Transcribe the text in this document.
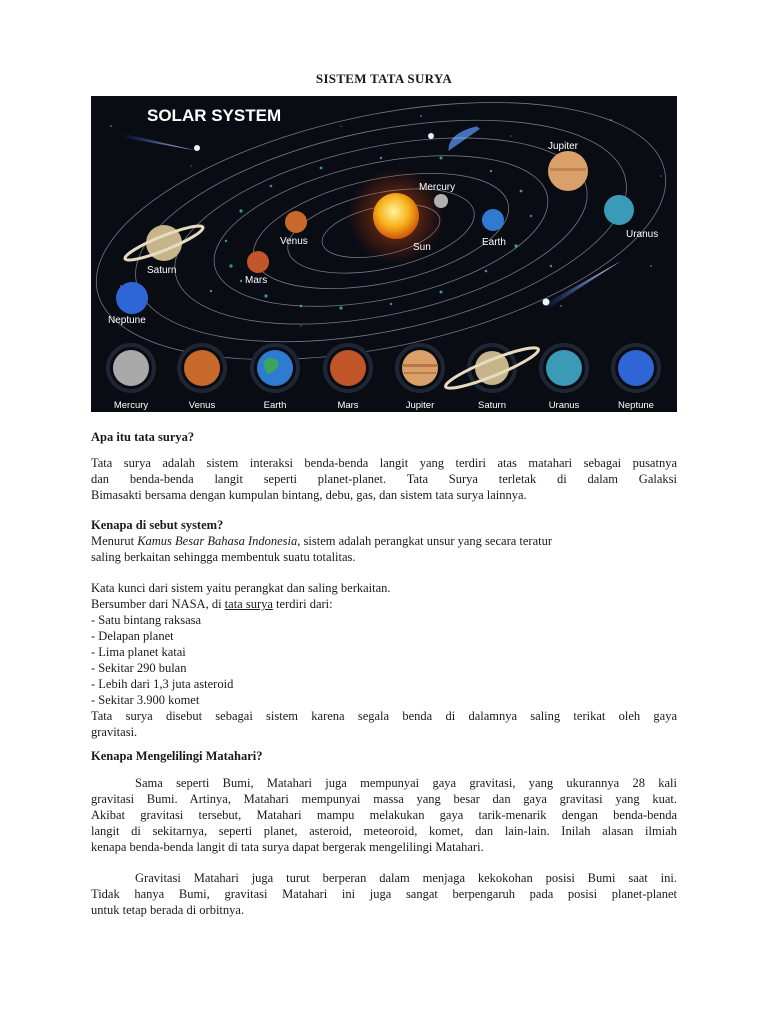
SISTEM TATA SURYA
SOLAR SYSTEM
Mercury
Venus
Sun	Earth
Mars
Jupiter
Saturn
Uranus
Neptune
Mercury	Venus	Earth	Mars	Jupiter	Saturn	Uranus	Neptune
Apa itu tata surya?
Tata surya adalah sistem interaksi benda-benda langit yang terdiri atas matahari sebagai pusatnya
dan benda-benda langit seperti planet-planet. Tata Surya terletak di dalam Galaksi
Bimasakti bersama dengan kumpulan bintang, debu, gas, dan sistem tata surya lainnya.
Kenapa di sebut system?
Menurut Kamus Besar Bahasa Indonesia, sistem adalah perangkat unsur yang secara teratur
saling berkaitan sehingga membentuk suatu totalitas.
Kata kunci dari sistem yaitu perangkat dan saling berkaitan.
Bersumber dari NASA, di tata surya terdiri dari:
- Satu bintang raksasa
- Delapan planet
- Lima planet katai
- Sekitar 290 bulan
- Lebih dari 1,3 juta asteroid
- Sekitar 3.900 komet
Tata surya disebut sebagai sistem karena segala benda di dalamnya saling terikat oleh gaya
gravitasi.
Kenapa Mengelilingi Matahari?
Sama seperti Bumi, Matahari juga mempunyai gaya gravitasi, yang ukurannya 28 kali
gravitasi Bumi. Artinya, Matahari mempunyai massa yang besar dan gaya gravitasi yang kuat.
Akibat gravitasi tersebut, Matahari mampu melakukan gaya tarik-menarik dengan benda-benda
langit di sekitarnya, seperti planet, asteroid, meteoroid, komet, dan lain-lain. Inilah alasan ilmiah
kenapa benda-benda langit di tata surya dapat bergerak mengelilingi Matahari.
Gravitasi Matahari juga turut berperan dalam menjaga kekokohan posisi Bumi saat ini.
Tidak hanya Bumi, gravitasi Matahari ini juga sangat berpengaruh pada posisi planet-planet
untuk tetap berada di orbitnya.
